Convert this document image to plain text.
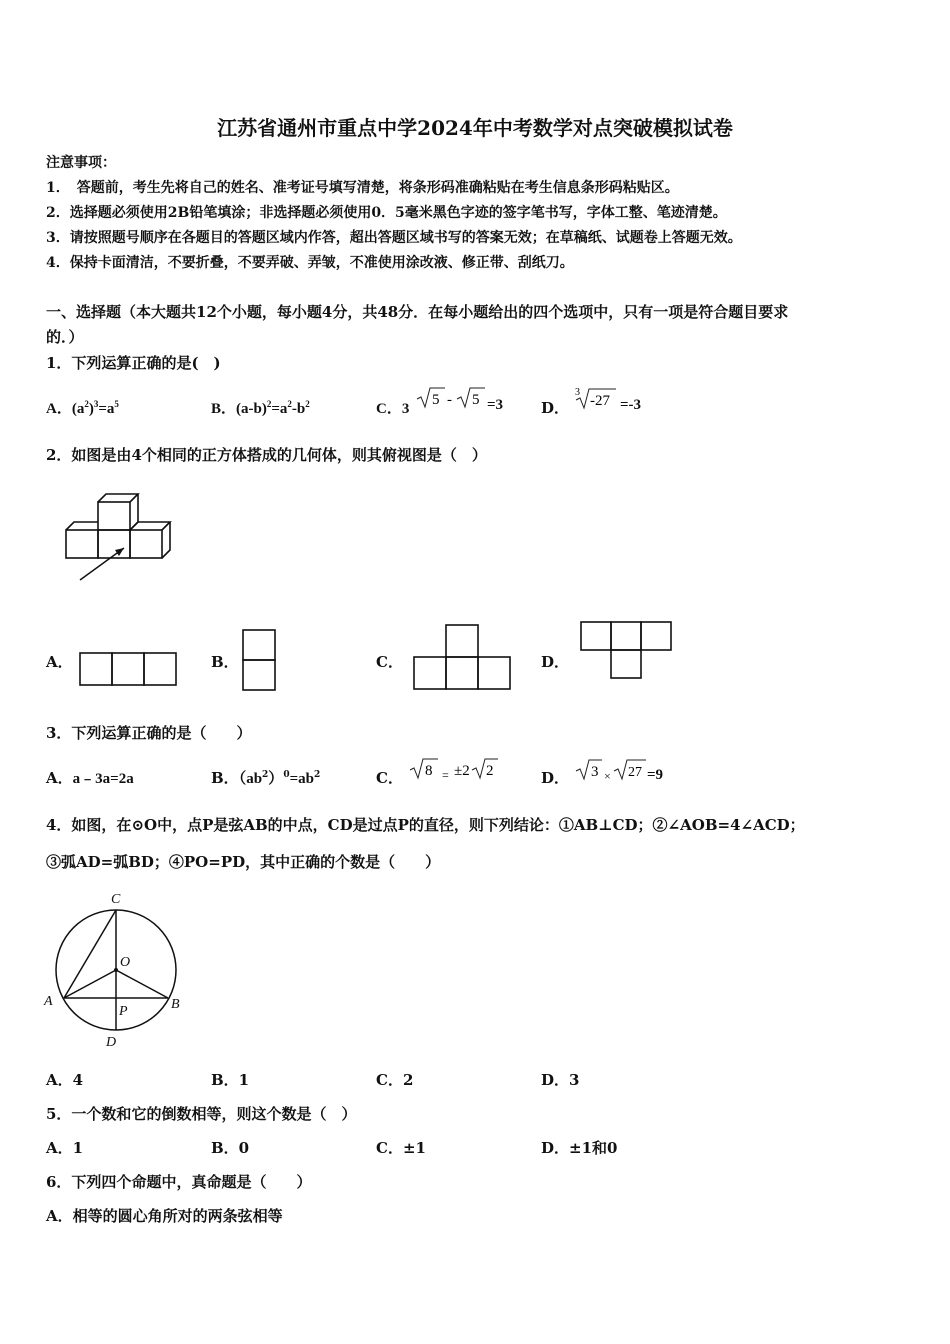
江苏省通州市重点中学2024年中考数学对点突破模拟试卷
注意事项：
1．　答题前，考生先将自己的姓名、准考证号填写清楚，将条形码准确粘贴在考生信息条形码粘贴区。
2．选择题必须使用2B铅笔填涂；非选择题必须使用0．5毫米黑色字迹的签字笔书写，字体工整、笔迹清楚。
3．请按照题号顺序在各题目的答题区域内作答，超出答题区域书写的答案无效；在草稿纸、试题卷上答题无效。
4．保持卡面清洁，不要折叠，不要弄破、弄皱，不准使用涂改液、修正带、刮纸刀。
一、选择题（本大题共12个小题，每小题4分，共48分．在每小题给出的四个选项中，只有一项是符合题目要求
的．）
1．下列运算正确的是(　)
A．$(a^2)^3=a^5$	B．$(a-b)^2=a^2-b^2$	C．3
5 - 5 =3	D．
3
-27 =-3
2．如图是由4个相同的正方体搭成的几何体，则其俯视图是（　）
A．	B．	C．	D．
3．下列运算正确的是（　　）
A．a﹣3a=2a	B．$(ab^2)^0=ab^2$	C． 8 = ±2 2	D． 3 × 27 =9
4．如图，在⊙O中，点P是弦AB的中点，CD是过点P的直径，则下列结论：①AB⊥CD；②∠AOB=4∠ACD；
③弧AD=弧BD；④PO=PD，其中正确的个数是（　　）
C
O
A	B
P
D
A．4	B．1	C．2	D．3
5．一个数和它的倒数相等，则这个数是（　）
A．1	B．0	C．±1	D．±1和0
6．下列四个命题中，真命题是（　　）
A．相等的圆心角所对的两条弦相等
